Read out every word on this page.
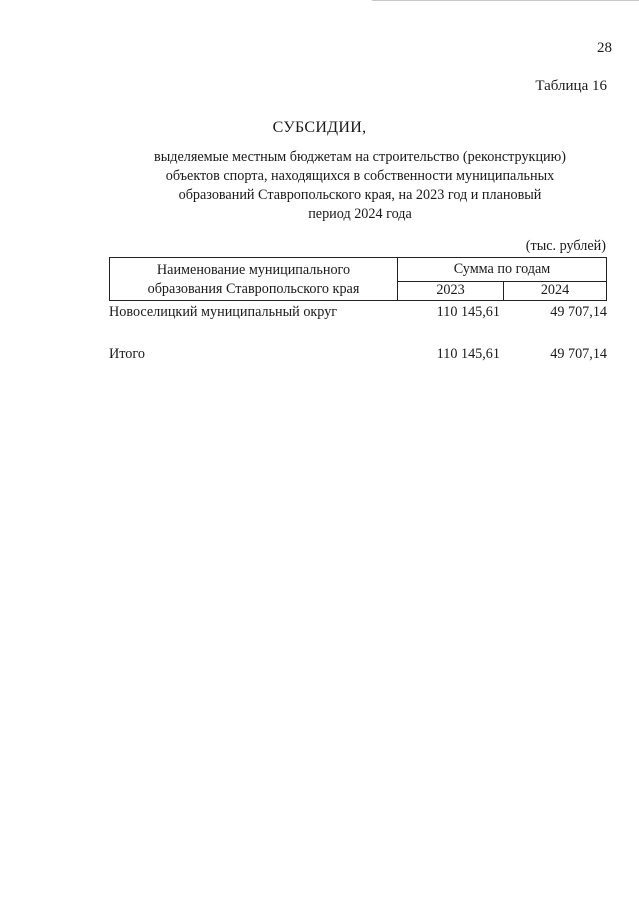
28
Таблица 16
СУБСИДИИ,
выделяемые местным бюджетам на строительство (реконструкцию)
объектов спорта, находящихся в собственности муниципальных
образований Ставропольского края, на 2023 год и плановый
период 2024 года
(тыс. рублей)
Наименование муниципального
образования Ставропольского края
Сумма по годам
2023	2024
Новоселицкий муниципальный округ	110 145,61	49 707,14
Итого	110 145,61	49 707,14
